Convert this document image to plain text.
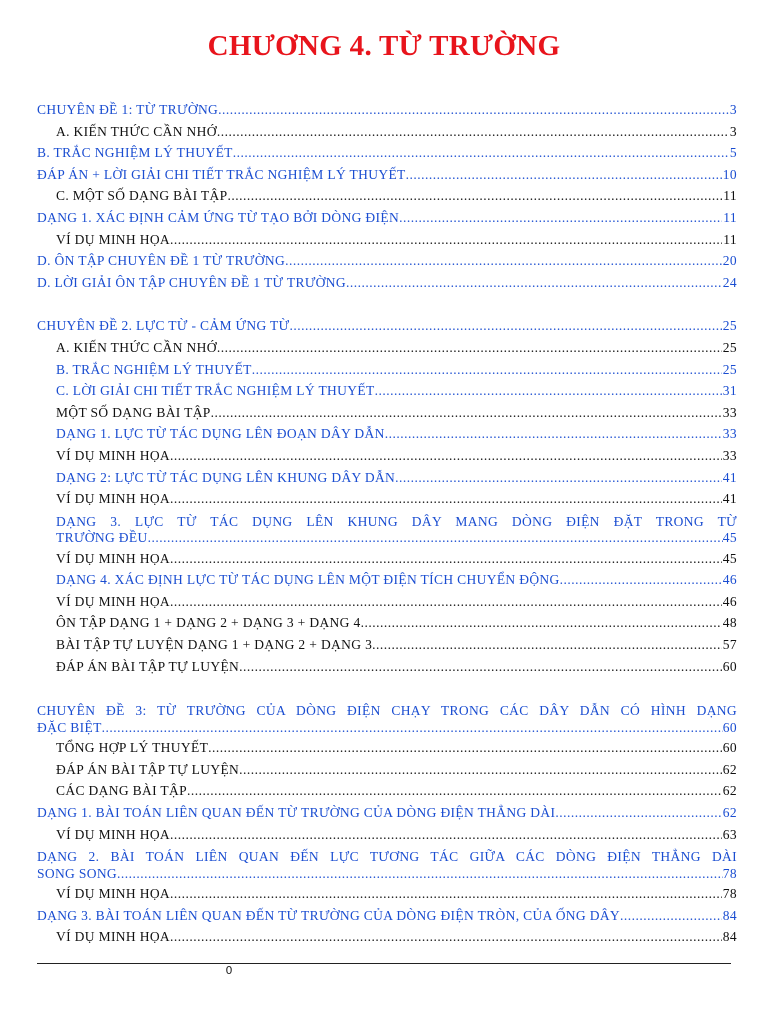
CHƯƠNG 4. TỪ TRƯỜNG
CHUYÊN ĐỀ 1: TỪ TRƯỜNG .....	3
A. KIẾN THỨC CẦN NHỚ .....	3
B. TRẮC NGHIỆM LÝ THUYẾT .....	5
ĐÁP ÁN + LỜI GIẢI CHI TIẾT TRẮC NGHIỆM LÝ THUYẾT .....	10
C. MỘT SỐ DẠNG BÀI TẬP .....	11
DẠNG 1. XÁC ĐỊNH CẢM ỨNG TỪ TẠO BỞI DÒNG ĐIỆN .....	11
VÍ DỤ MINH HỌA .....	11
D. ÔN TẬP CHUYÊN ĐỀ 1 TỪ TRƯỜNG .....	20
D. LỜI GIẢI ÔN TẬP CHUYÊN ĐỀ 1 TỪ TRƯỜNG .....	24
CHUYÊN ĐỀ 2. LỰC TỪ - CẢM ỨNG TỪ .....	25
A. KIẾN THỨC CẦN NHỚ .....	25
B. TRẮC NGHIỆM LÝ THUYẾT .....	25
C. LỜI GIẢI CHI TIẾT TRẮC NGHIỆM LÝ THUYẾT .....	31
MỘT SỐ DẠNG BÀI TẬP .....	33
DẠNG 1. LỰC TỪ TÁC DỤNG LÊN ĐOẠN DÂY DẪN .....	33
VÍ DỤ MINH HỌA .....	33
DẠNG 2: LỰC TỪ TÁC DỤNG LÊN KHUNG DÂY DẪN .....	41
VÍ DỤ MINH HỌA .....	41
DẠNG 3. LỰC TỪ TÁC DỤNG LÊN KHUNG DÂY MANG DÒNG ĐIỆN ĐẶT TRONG TỪ
TRƯỜNG ĐỀU .....	45
VÍ DỤ MINH HỌA .....	45
DẠNG 4. XÁC ĐỊNH LỰC TỪ TÁC DỤNG LÊN MỘT ĐIỆN TÍCH CHUYỂN ĐỘNG .....	46
VÍ DỤ MINH HỌA .....	46
ÔN TẬP DẠNG 1 + DẠNG 2 + DẠNG 3 + DẠNG 4 .....	48
BÀI TẬP TỰ LUYỆN DẠNG 1 + DẠNG 2 + DẠNG 3 .....	57
ĐÁP ÁN BÀI TẬP TỰ LUYỆN .....	60
CHUYÊN ĐỀ 3: TỪ TRƯỜNG CỦA DÒNG ĐIỆN CHẠY TRONG CÁC DÂY DẪN CÓ HÌNH DẠNG
ĐẶC BIỆT .....	60
TỔNG HỢP LÝ THUYẾT .....	60
ĐÁP ÁN BÀI TẬP TỰ LUYỆN .....	62
CÁC DẠNG BÀI TẬP .....	62
DẠNG 1. BÀI TOÁN LIÊN QUAN ĐẾN TỪ TRƯỜNG CỦA DÒNG ĐIỆN THẲNG DÀI .....	62
VÍ DỤ MINH HỌA .....	63
DẠNG 2. BÀI TOÁN LIÊN QUAN ĐẾN LỰC TƯƠNG TÁC GIỮA CÁC DÒNG ĐIỆN THẲNG DÀI
SONG SONG .....	78
VÍ DỤ MINH HỌA .....	78
DẠNG 3. BÀI TOÁN LIÊN QUAN ĐẾN TỪ TRƯỜNG CỦA DÒNG ĐIỆN TRÒN, CỦA ỐNG DÂY .....	84
VÍ DỤ MINH HỌA .....	84
0
